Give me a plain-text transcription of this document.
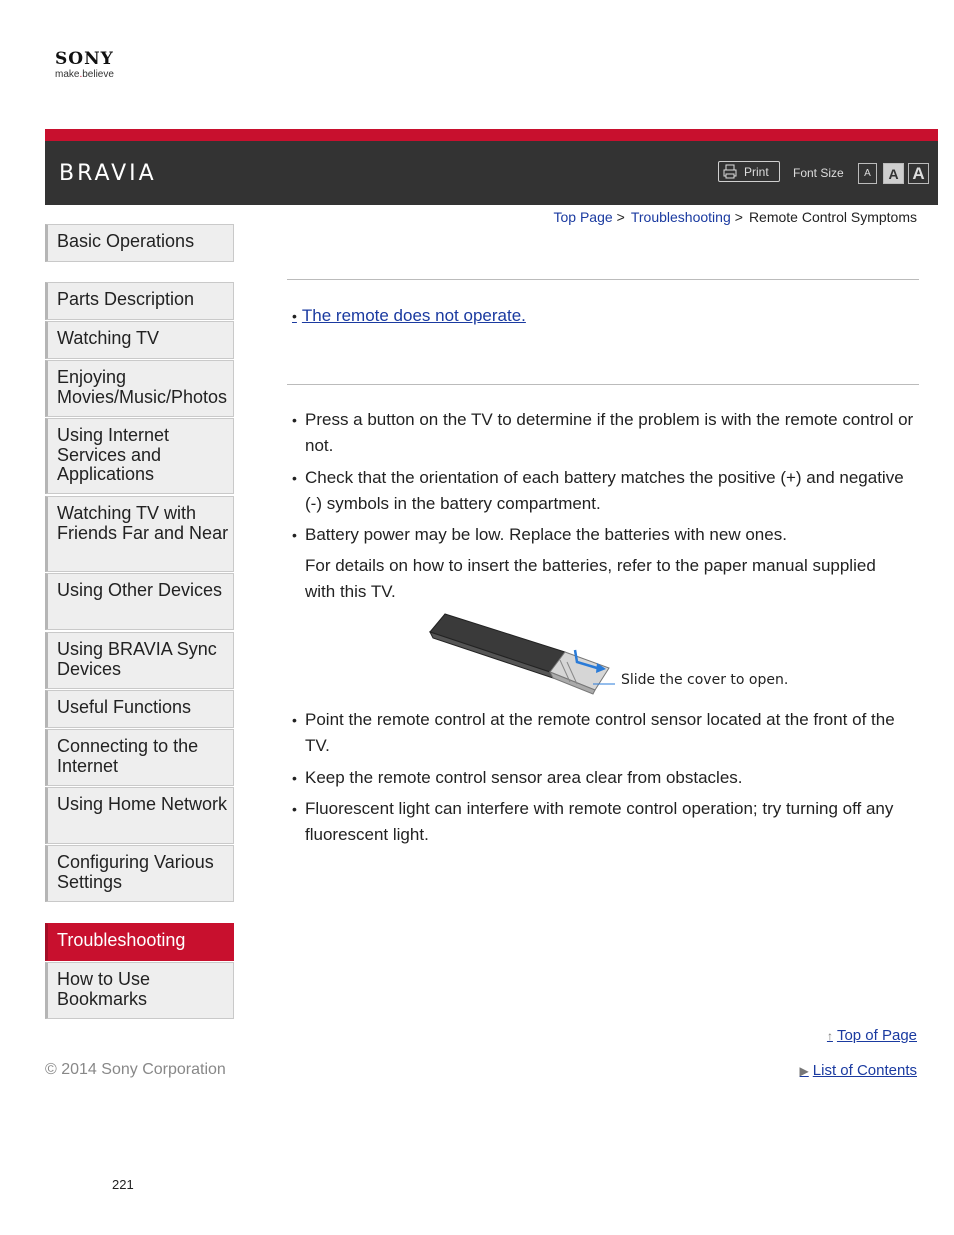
SONY
make.believe
BRAVIA	Print Font Size	A	A A
Top Page > Troubleshooting > Remote Control Symptoms
Basic Operations
Parts Description
Watching TV
Enjoying Movies/Music/Photos
Using Internet Services and Applications
Watching TV with Friends Far and Near
Using Other Devices
Using BRAVIA Sync Devices
Useful Functions
Connecting to the Internet
Using Home Network
Configuring Various Settings
Troubleshooting
How to Use Bookmarks
• The remote does not operate.
• Press a button on the TV to determine if the problem is with the remote control or not.
• Check that the orientation of each battery matches the positive (+) and negative (-) symbols in the battery compartment.
• Battery power may be low. Replace the batteries with new ones.
For details on how to insert the batteries, refer to the paper manual supplied with this TV.
Slide the cover to open.
• Point the remote control at the remote control sensor located at the front of the TV.
• Keep the remote control sensor area clear from obstacles.
• Fluorescent light can interfere with remote control operation; try turning off any fluorescent light.
↑ Top of Page
© 2014 Sony Corporation	▶ List of Contents
221
